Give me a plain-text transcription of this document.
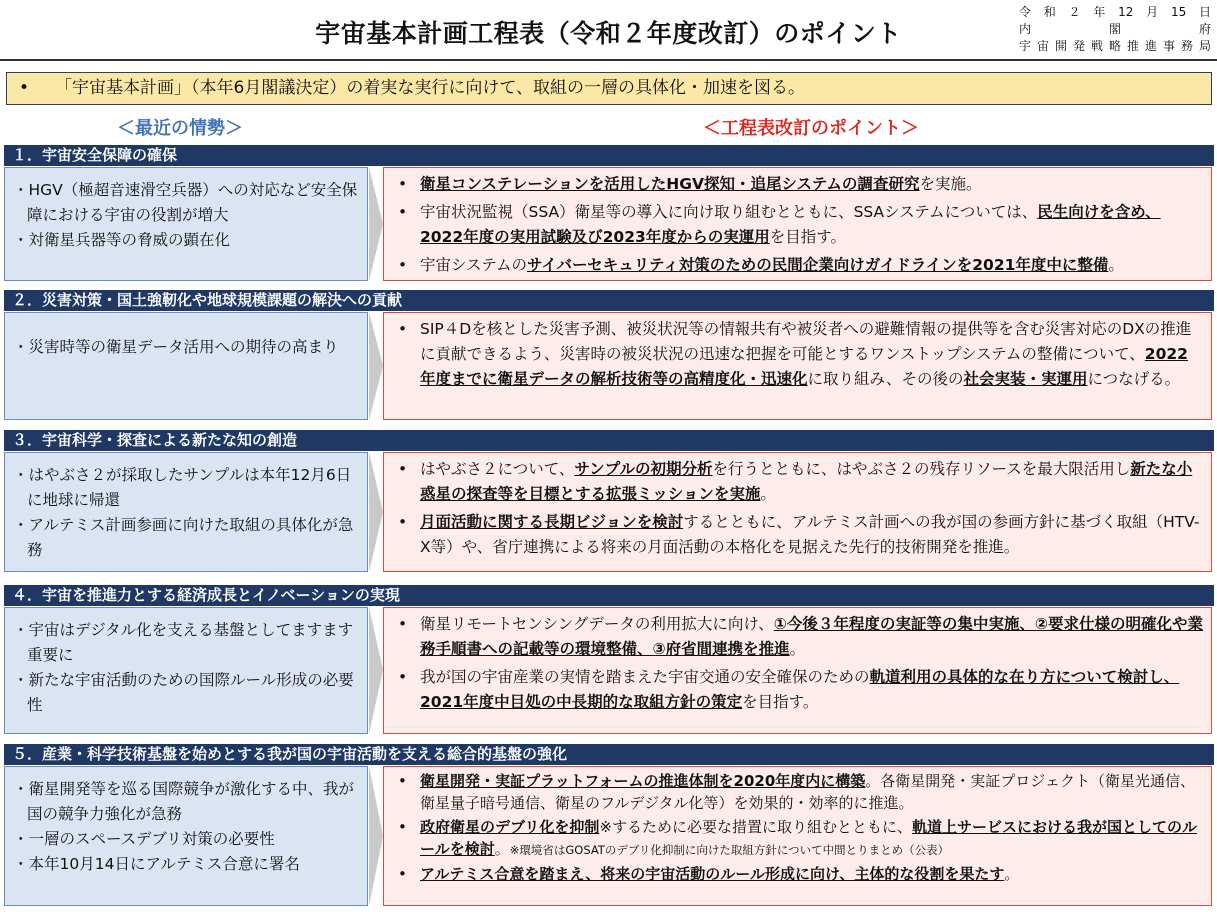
宇宙基本計画工程表（令和２年度改訂）のポイント
令和２年12月15日
内閣府
宇宙開発戦略推進事務局
• 「宇宙基本計画」（本年6月閣議決定）の着実な実行に向けて、取組の一層の具体化・加速を図る。
＜最近の情勢＞	＜工程表改訂のポイント＞
１．宇宙安全保障の確保
・HGV（極超音速滑空兵器）への対応など安全保障における宇宙の役割が増大
・対衛星兵器等の脅威の顕在化
• 衛星コンステレーションを活用したHGV探知・追尾システムの調査研究を実施。
• 宇宙状況監視（SSA）衛星等の導入に向け取り組むとともに、SSAシステムについては、民生向けを含め、2022年度の実用試験及び2023年度からの実運用を目指す。
• 宇宙システムのサイバーセキュリティ対策のための民間企業向けガイドラインを2021年度中に整備。
２．災害対策・国土強靭化や地球規模課題の解決への貢献
・災害時等の衛星データ活用への期待の高まり
• SIP４Dを核とした災害予測、被災状況等の情報共有や被災者への避難情報の提供等を含む災害対応のDXの推進に貢献できるよう、災害時の被災状況の迅速な把握を可能とするワンストップシステムの整備について、2022年度までに衛星データの解析技術等の高精度化・迅速化に取り組み、その後の社会実装・実運用につなげる。
３．宇宙科学・探査による新たな知の創造
・はやぶさ２が採取したサンプルは本年12月6日に地球に帰還
・アルテミス計画参画に向けた取組の具体化が急務
• はやぶさ２について、サンプルの初期分析を行うとともに、はやぶさ２の残存リソースを最大限活用し新たな小惑星の探査等を目標とする拡張ミッションを実施。
• 月面活動に関する長期ビジョンを検討するとともに、アルテミス計画への我が国の参画方針に基づく取組（HTV-X等）や、省庁連携による将来の月面活動の本格化を見据えた先行的技術開発を推進。
４．宇宙を推進力とする経済成長とイノベーションの実現
・宇宙はデジタル化を支える基盤としてますます重要に
・新たな宇宙活動のための国際ルール形成の必要性
• 衛星リモートセンシングデータの利用拡大に向け、①今後３年程度の実証等の集中実施、②要求仕様の明確化や業務手順書への記載等の環境整備、③府省間連携を推進。
• 我が国の宇宙産業の実情を踏まえた宇宙交通の安全確保のための軌道利用の具体的な在り方について検討し、2021年度中目処の中長期的な取組方針の策定を目指す。
５．産業・科学技術基盤を始めとする我が国の宇宙活動を支える総合的基盤の強化
・衛星開発等を巡る国際競争が激化する中、我が国の競争力強化が急務
・一層のスペースデブリ対策の必要性
・本年10月14日にアルテミス合意に署名
• 衛星開発・実証プラットフォームの推進体制を2020年度内に構築。各衛星開発・実証プロジェクト（衛星光通信、衛星量子暗号通信、衛星のフルデジタル化等）を効果的・効率的に推進。
• 政府衛星のデブリ化を抑制※するために必要な措置に取り組むとともに、軌道上サービスにおける我が国としてのルールを検討。※環境省はGOSATのデブリ化抑制に向けた取組方針について中間とりまとめ（公表）
• アルテミス合意を踏まえ、将来の宇宙活動のルール形成に向け、主体的な役割を果たす。
